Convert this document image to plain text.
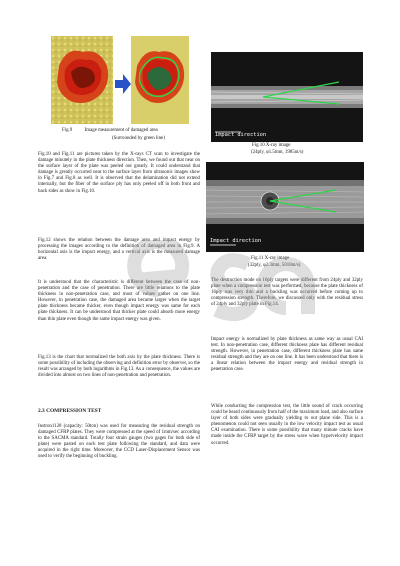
Fig.9	Image measurement of damaged area
(Surrounded by green line)
Fig.10 and Fig.11 are pictures taken by the X-rays CT scan to investigate the damage minutely in the plate thickness direction. Then, we found out that near on the surface layer of the plate was peeled out greatly. It could understand that damage is greatly occurred near to the surface layer from ultrasonic images show in Fig.7 and Fig.8 as well. It is observed that the delamination did not extend internally, but the fiber of the surface ply has only peeled off in both front and back sides as show in Fig.10.
Fig.12 shows the relation between the damage area and impact energy by processing the images according to the definition of damaged area in Fig.9. A horizontal axis is the impact energy, and a vertical axis is the measured damage area.
It is understood that the characteristic is different between the case of non-penetration and the case of penetration. There are little relations to the plate thickness in non-penetration case, and most of values gather on one line. However, in penetration case, the damaged area became larger when the target plate thickness became thicker, even though impact energy was same for each plate thickness. It can be understood that thicker plate could absorb more energy than thin plate even though the same impact energy was given.
Fig.13 is the chart that normalized the both axis by the plate thickness. There is some possibility of including the observing and definition error by observer, so the result was arranged by both logarithms in Fig.13. As a consequence, the values are divided into almost on two lines of non-penetration and penetration.
2.3 COMPRESSION TEST
Instron1128 (capacity: 50ton) was used for measuring the residual strength on damaged CFRP plates. They were compressed at the speed of 1mm/sec according to the SACMA standard. Totally four strain gauges (two gages for both side of plate) were pasted on each test plate following the standard, and data were acquired in the right time. Moreover, the CCD Laser-Displacement Sensor was used to verify the beginning of buckling.
Impact direction
Fig.10 X-ray image
(24ply, φ1.5mm, 1985m/s)
Impact direction
Fig.11 X-ray image
(32ply, φ2.3mm, 5018m/s)
The destruction mode on 16ply targets were different from 24ply and 32ply plate when a compression test was performed, because the plate thickness of 16ply was very thin and a buckling was occurred before coming up to compression strength. Therefore, we discussed only with the residual stress of 24ply and 32ply plate in Fig.14.
Impact energy is normalized by plate thickness as same way as usual CAI test. In non-penetration case, different thickness plate has different residual strength. However, in penetration case, different thickness plate has same residual strength and they are on one line. It has been understood that there is a linear relation between the impact energy and residual strength in penetration case.
While conducting the compression test, the little sound of crack occurring could be heard continuously from half of the maximum load, and also surface layer of both sides were gradually yielding to out plane side. This is a phenomenon could not seen usually in the low velocity impact test as usual CAI examination. There is some possibility that many minute cracks have made inside the CFRP target by the stress wave when hypervelocity impact occurred.
